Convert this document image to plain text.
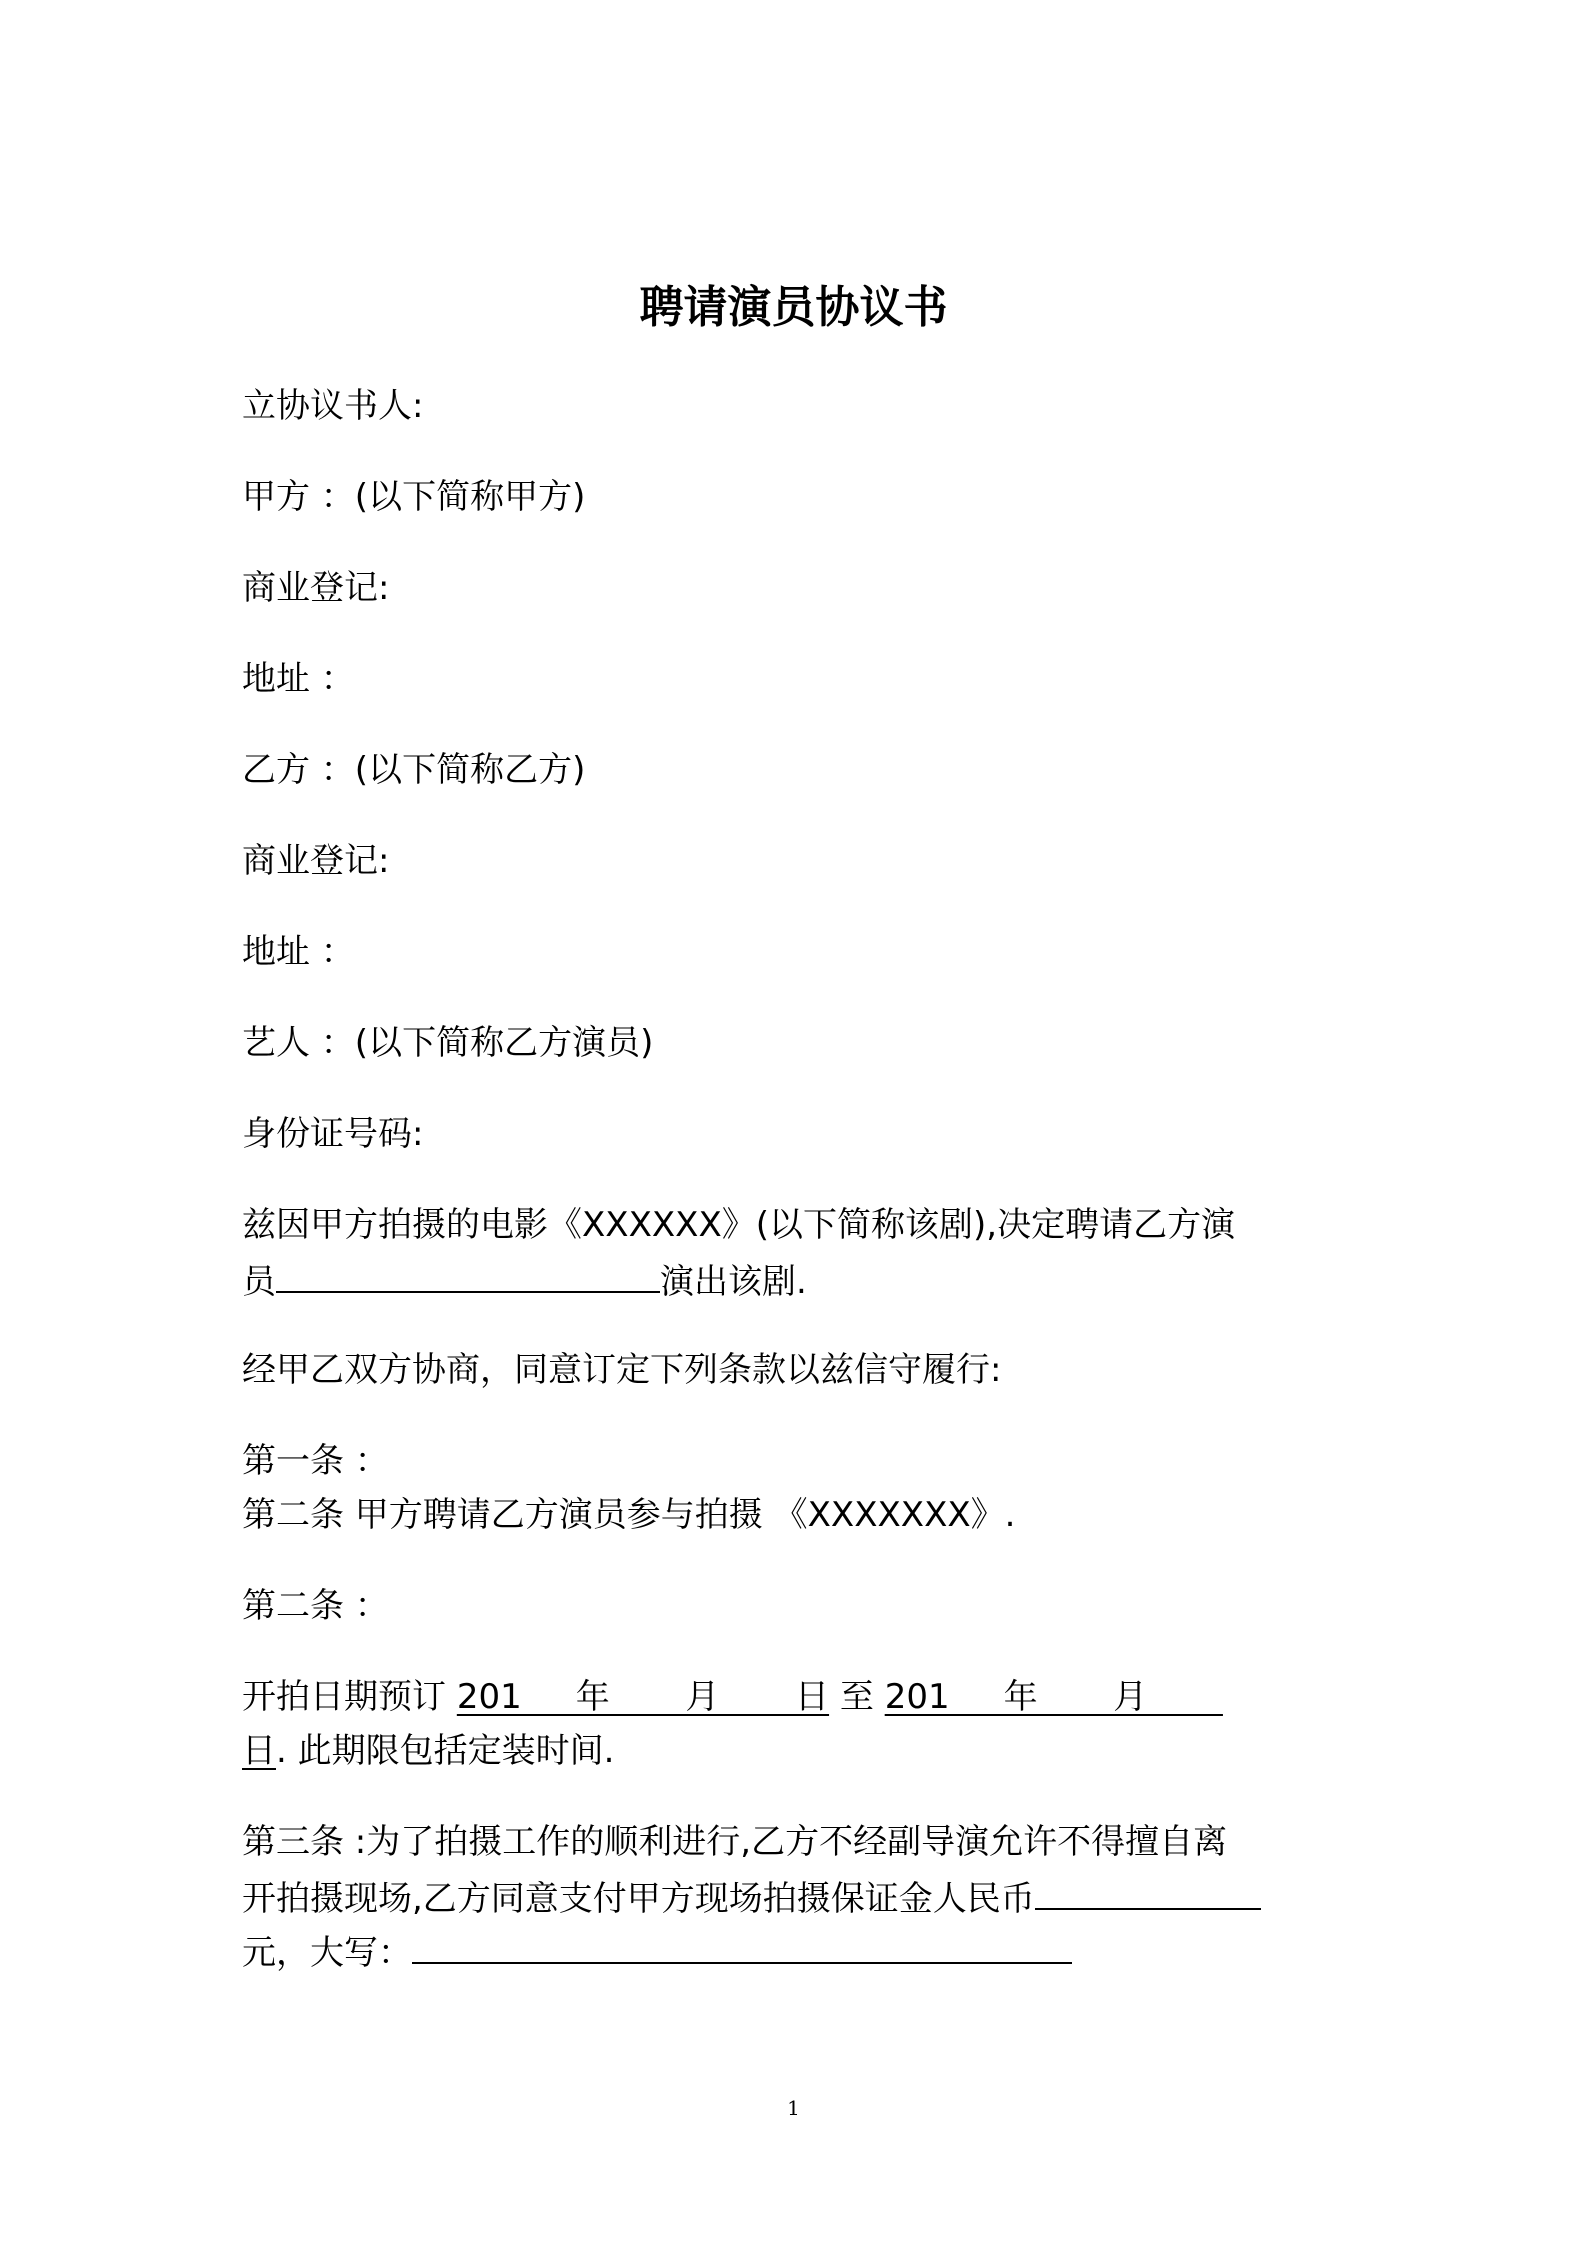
聘请演员协议书
立协议书人:
甲方 ：(以下简称甲方)
商业登记:
地址 ：
乙方 ：(以下简称乙方)
商业登记:
地址 ：
艺人 ：(以下简称乙方演员)
身份证号码:
兹因甲方拍摄的电影《XXXXXX》(以下简称该剧),决定聘请乙方演
员	演出该剧.
经甲乙双方协商，同意订定下列条款以兹信守履行:
第一条 ：
第二条 甲方聘请乙方演员参与拍摄 《XXXXXXX》.
第二条 ：
开拍日期预订 201     年       月       日 至 201     年       月
日. 此期限包括定装时间.
第三条 :为了拍摄工作的顺利进行,乙方不经副导演允许不得擅自离
开拍摄现场,乙方同意支付甲方现场拍摄保证金人民币
元，大写：
1
